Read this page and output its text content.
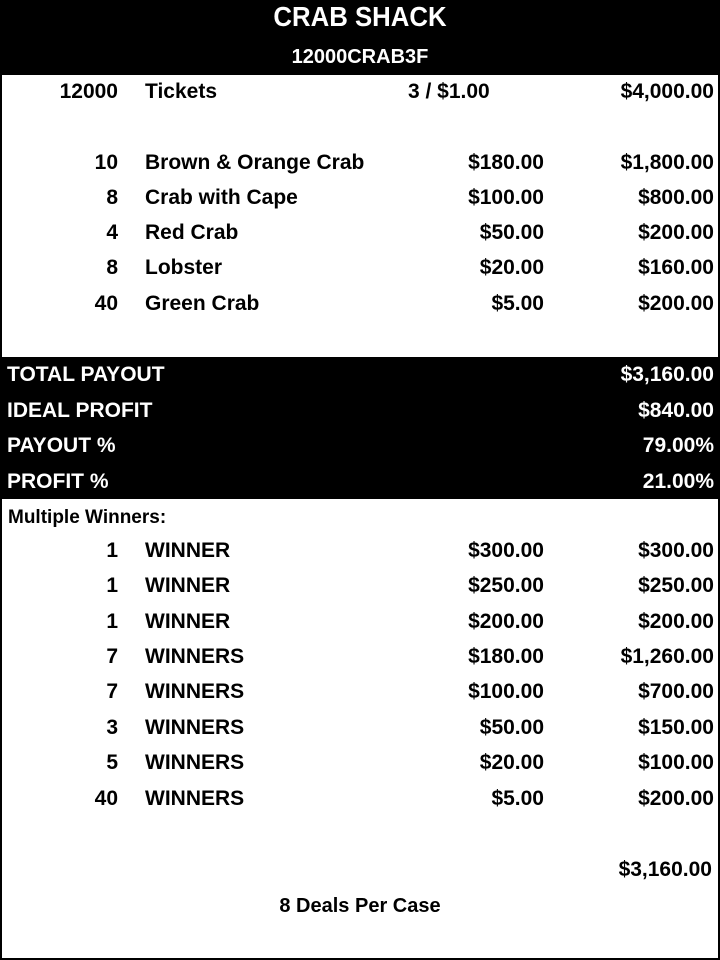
CRAB SHACK
12000CRAB3F
12000 Tickets	3 / $1.00	$4,000.00
10 Brown & Orange Crab	$180.00	$1,800.00
8 Crab with Cape	$100.00	$800.00
4 Red Crab	$50.00	$200.00
8 Lobster	$20.00	$160.00
40 Green Crab	$5.00	$200.00
TOTAL PAYOUT	$3,160.00
IDEAL PROFIT	$840.00
PAYOUT %	79.00%
PROFIT %	21.00%
Multiple Winners:
1 WINNER	$300.00	$300.00
1 WINNER	$250.00	$250.00
1 WINNER	$200.00	$200.00
7 WINNERS	$180.00	$1,260.00
7 WINNERS	$100.00	$700.00
3 WINNERS	$50.00	$150.00
5 WINNERS	$20.00	$100.00
40 WINNERS	$5.00	$200.00
$3,160.00
8 Deals Per Case
